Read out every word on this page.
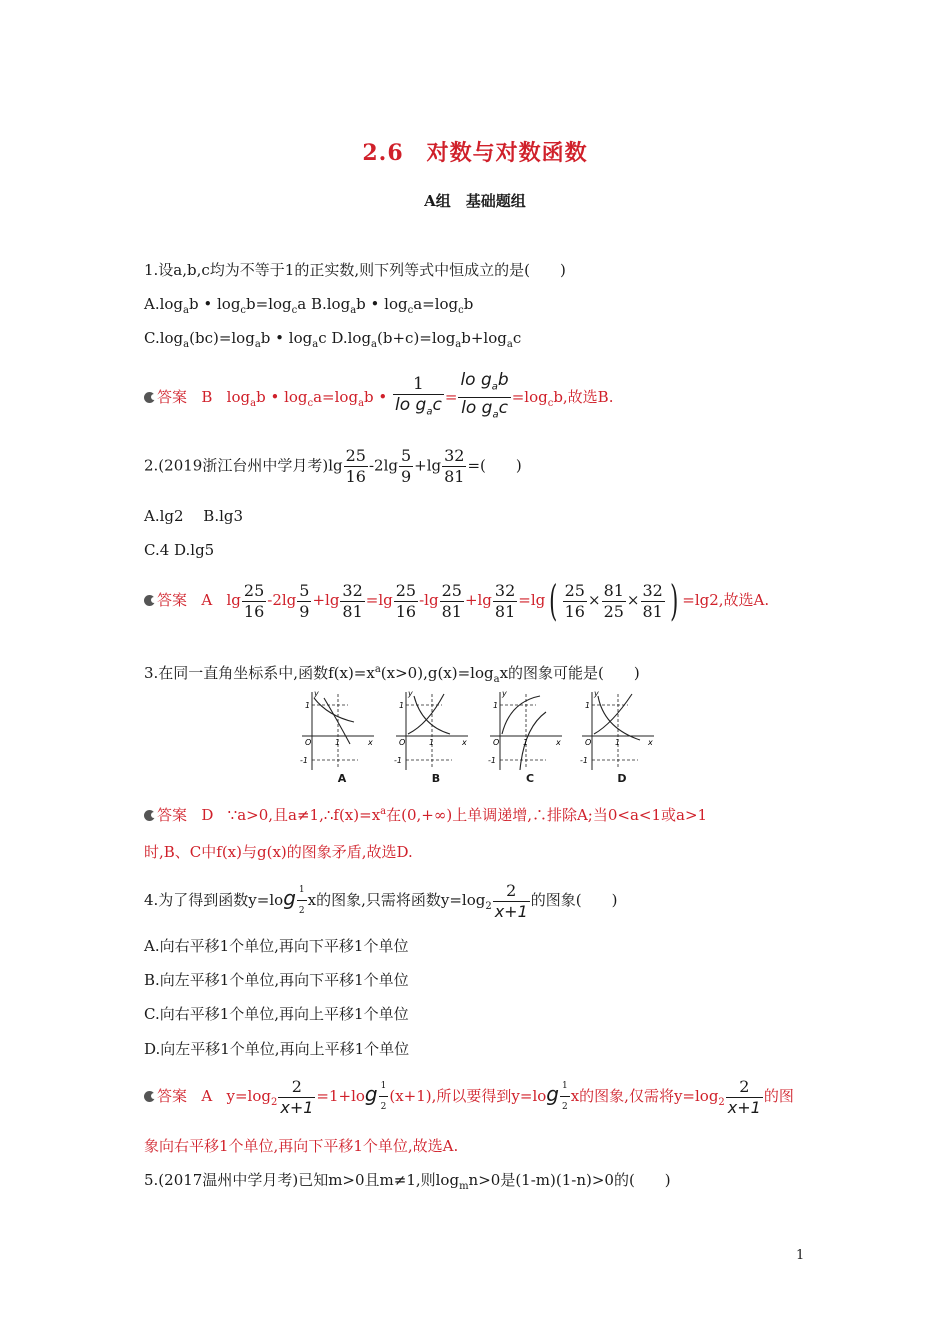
2.6　对数与对数函数
A组　基础题组
1.设a,b,c均为不等于1的正实数,则下列等式中恒成立的是(　　)
$A.\log_ab$ • $\log_cb=\log_ca$ $B.\log_ab$ • $\log_ca=\log_cb$
$C.\log_a(bc)=\log_ab$ • $\log_ac$ $D.\log_a(b+c)=\log_ab+\log_ac$
答案 B $\log_ab$ • $\log_ca=\log_ab$ • $\frac{1}{lo g_ac} = \frac{lo g_ab}{lo g_ac} =\log_cb$,故选B.
2.(2019浙江台州中学月考)$\lg \frac{25}{16} -2\lg \frac{5}{9} +\lg \frac{32}{81}$ =(　　)
A.lg2　 B.lg3
C.4 D.lg5
答案 A $\lg \frac{25}{16} -2\lg \frac{5}{9} +\lg \frac{32}{81} =\lg \frac{25}{16} -\lg \frac{25}{81} +\lg \frac{32}{81} =\lg( \frac{25}{16} \times \frac{81}{25} \times \frac{32}{81}$ ) =lg2,故选A.
3.在同一直角坐标系中,函数$f(x)=x^a(x>0),g(x)=\log_ax$的图象可能是(　　)
y
x
1
O	1
-1
y
x
1
O	1
-1
y
x
1
O	1
-1
y
x
1
O	1
-1
A	B	C	D
答案 D ∵a>0,且$a\ne 1,\therefore f(x)=x^a$在(0,+∞)上单调递增,∴排除A;当0<a<1或a>1
时,B、C中f(x)与g(x)的图象矛盾,故选D.
4.为了得到函数$y=\log \frac{1}{2}$ x的图象,只需将函数$y=\log_2 \frac{2}{x+1}$ 的图象(　　)
A.向右平移1个单位,再向下平移1个单位
B.向左平移1个单位,再向下平移1个单位
C.向右平移1个单位,再向上平移1个单位
D.向左平移1个单位,再向上平移1个单位
答案 A $y=\log_2 \frac{2}{x+1} =1+\log \frac{1}{2} (x+1)$,所以要得到$y=\log \frac{1}{2}$ x的图象,仅需将$y=\log_2 \frac{2}{x+1}$ 的图
象向右平移1个单位,再向下平移1个单位,故选A.
5.(2017温州中学月考)已知m>0且m≠1,则$\log_mn>0$是(1-m)(1-n)>0的(　　)
1
